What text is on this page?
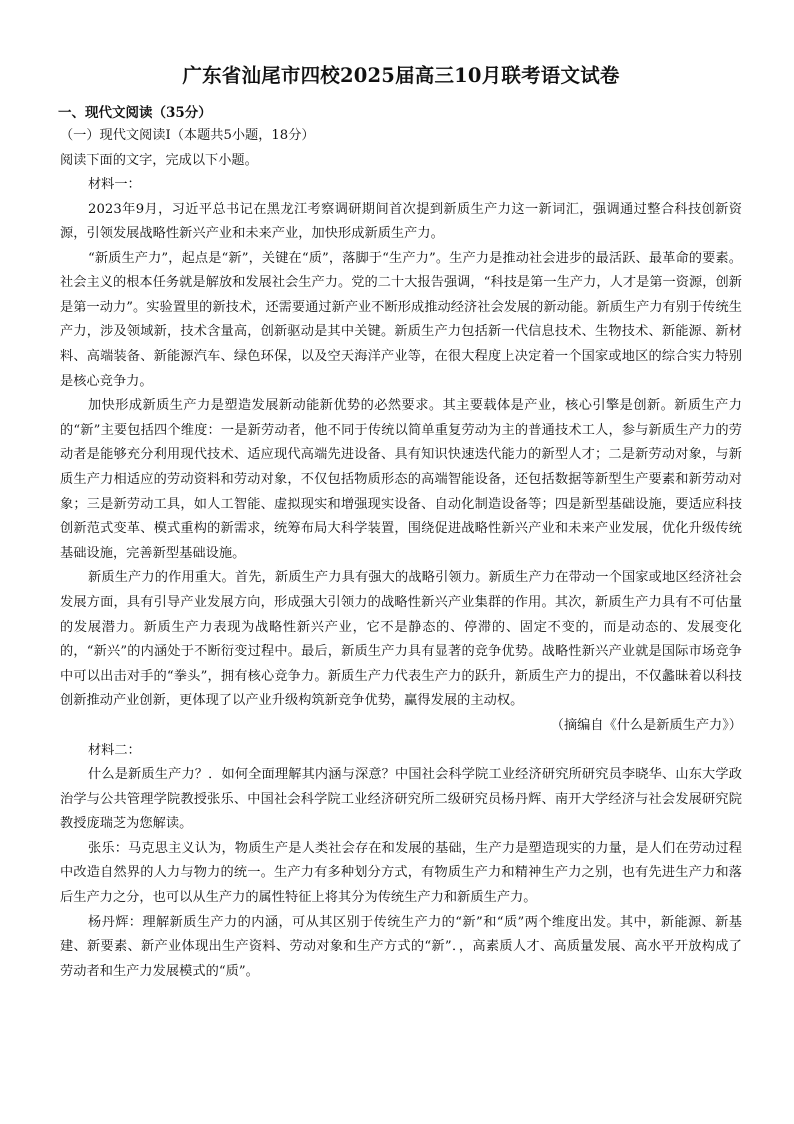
广东省汕尾市四校2025届高三10月联考语文试卷
一、现代文阅读（35分）
（一）现代文阅读Ⅰ（本题共5小题，18分）
阅读下面的文字，完成以下小题。
材料一：

2023年9月，习近平总书记在黑龙江考察调研期间首次提到新质生产力这一新词汇，强调通过整合科技创新资源，引领发展战略性新兴产业和未来产业，加快形成新质生产力。

“新质生产力”，起点是“新”，关键在“质”，落脚于“生产力”。生产力是推动社会进步的最活跃、最革命的要素。社会主义的根本任务就是解放和发展社会生产力。党的二十大报告强调，“科技是第一生产力，人才是第一资源，创新是第一动力”。实验置里的新技术，还需要通过新产业不断形成推动经济社会发展的新动能。新质生产力有别于传统生产力，涉及领域新，技术含量高，创新驱动是其中关键。新质生产力包括新一代信息技术、生物技术、新能源、新材料、高端装备、新能源汽车、绿色环保，以及空天海洋产业等，在很大程度上决定着一个国家或地区的综合实力特别是核心竞争力。

加快形成新质生产力是塑造发展新动能新优势的必然要求。其主要载体是产业，核心引擎是创新。新质生产力的“新”主要包括四个维度：一是新劳动者，他不同于传统以简单重复劳动为主的普通技术工人，参与新质生产力的劳动者是能够充分利用现代技术、适应现代高端先进设备、具有知识快速迭代能力的新型人才；二是新劳动对象，与新质生产力相适应的劳动资料和劳动对象，不仅包括物质形态的高端智能设备，还包括数据等新型生产要素和新劳动对象；三是新劳动工具，如人工智能、虚拟现实和增强现实设备、自动化制造设备等；四是新型基础设施，要适应科技创新范式变革、模式重构的新需求，统筹布局大科学装置，围绕促进战略性新兴产业和未来产业发展，优化升级传统基础设施，完善新型基础设施。

新质生产力的作用重大。首先，新质生产力具有强大的战略引领力。新质生产力在带动一个国家或地区经济社会发展方面，具有引导产业发展方向，形成强大引领力的战略性新兴产业集群的作用。其次，新质生产力具有不可估量的发展潜力。新质生产力表现为战略性新兴产业，它不是静态的、停滞的、固定不变的，而是动态的、发展变化的，“新兴”的内涵处于不断衍变过程中。最后，新质生产力具有显著的竞争优势。战略性新兴产业就是国际市场竞争中可以出击对手的“拳头”，拥有核心竞争力。新质生产力代表生产力的跃升，新质生产力的提出，不仅蠡昧着以科技创新推动产业创新，更体现了以产业升级构筑新竞争优势，赢得发展的主动权。

（摘编自《什么是新质生产力》）
材料二：

什么是新质生产力？．如何全面理解其内涵与深意？中国社会科学院工业经济研究所研究员李晓华、山东大学政治学与公共管理学院教授张乐、中国社会科学院工业经济研究所二级研究员杨丹辉、南开大学经济与社会发展研究院教授庞瑞芝为您解读。

张乐：马克思主义认为，物质生产是人类社会存在和发展的基础，生产力是塑造现实的力量，是人们在劳动过程中改造自然界的人力与物力的统一。生产力有多种划分方式，有物质生产力和精神生产力之别，也有先进生产力和落后生产力之分，也可以从生产力的属性特征上将其分为传统生产力和新质生产力。

杨丹辉：理解新质生产力的内涵，可从其区别于传统生产力的“新”和“质”两个维度出发。其中，新能源、新基建、新要素、新产业体现出生产资料、劳动对象和生产方式的“新”．，高素质人才、高质量发展、高水平开放构成了劳动者和生产力发展模式的“质”。
